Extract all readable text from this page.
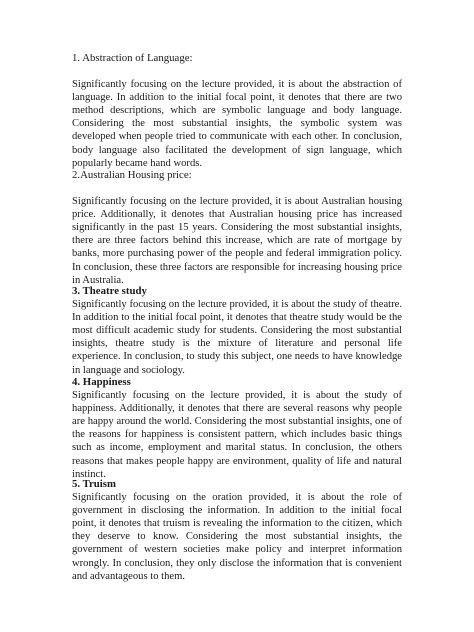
1. Abstraction of Language:

Significantly focusing on the lecture provided, it is about the abstraction of language. In addition to the initial focal point, it denotes that there are two method descriptions, which are symbolic language and body language. Considering the most substantial insights, the symbolic system was developed when people tried to communicate with each other. In conclusion, body language also facilitated the development of sign language, which popularly became hand words.

2.Australian Housing price:

Significantly focusing on the lecture provided, it is about Australian housing price. Additionally, it denotes that Australian housing price has increased significantly in the past 15 years. Considering the most substantial insights, there are three factors behind this increase, which are rate of mortgage by banks, more purchasing power of the people and federal immigration policy. In conclusion, these three factors are responsible for increasing housing price in Australia.

3. Theatre study

Significantly focusing on the lecture provided, it is about the study of theatre. In addition to the initial focal point, it denotes that theatre study would be the most difficult academic study for students. Considering the most substantial insights, theatre study is the mixture of literature and personal life experience. In conclusion, to study this subject, one needs to have knowledge in language and sociology.

4. Happiness

Significantly focusing on the lecture provided, it is about the study of happiness. Additionally, it denotes that there are several reasons why people are happy around the world. Considering the most substantial insights, one of the reasons for happiness is consistent pattern, which includes basic things such as income, employment and marital status. In conclusion, the others reasons that makes people happy are environment, quality of life and natural instinct.

5. Truism

Significantly focusing on the oration provided, it is about the role of government in disclosing the information. In addition to the initial focal point, it denotes that truism is revealing the information to the citizen, which they deserve to know. Considering the most substantial insights, the government of western societies make policy and interpret information wrongly. In conclusion, they only disclose the information that is convenient and advantageous to them.
